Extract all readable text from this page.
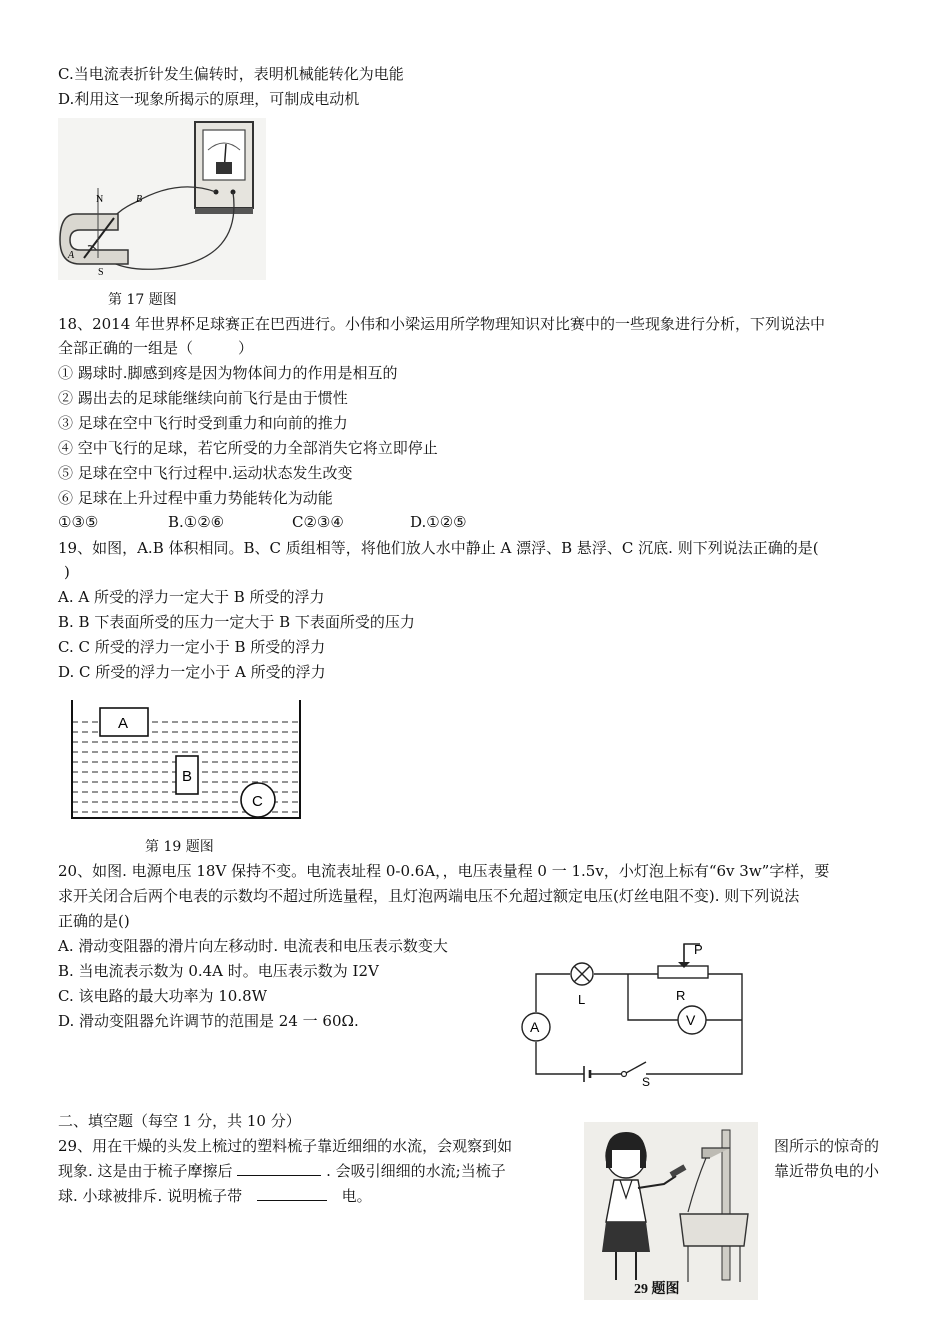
C.当电流表折针发生偏转时，表明机械能转化为电能
D.利用这一现象所揭示的原理，可制成电动机
N	B
A
S
第 17 题图
18、2014 年世界杯足球赛正在巴西进行。小伟和小梁运用所学物理知识对比赛中的一些现象进行分析，下列说法中
全部正确的一组是（　　　）
① 踢球时.脚感到疼是因为物体间力的作用是相互的
② 踢出去的足球能继续向前飞行是由于惯性
③ 足球在空中飞行时受到重力和向前的推力
④ 空中飞行的足球，若它所受的力全部消失它将立即停止
⑤ 足球在空中飞行过程中.运动状态发生改变
⑥ 足球在上升过程中重力势能转化为动能
①③⑤	B.①②⑥	C②③④	D.①②⑤
19、如图，A.B 体积相同。B、C 质组相等，将他们放人水中静止 A 漂浮、B 悬浮、C 沉底. 则下列说法正确的是(
)
A. A 所受的浮力一定大于 B 所受的浮力
B. B 下表面所受的压力一定大于 B 下表面所受的压力
C. C 所受的浮力一定小于 B 所受的浮力
D. C 所受的浮力一定小于 A 所受的浮力
A
B
C
第 19 题图
20、如图. 电源电压 18V 保持不变。电流表址程 0-0.6A，，电压表量程 0 一 1.5v，小灯泡上标有“6v 3w”字样，要
求开关闭合后两个电表的示数均不超过所选量程，且灯泡两端电压不允超过额定电压(灯丝电阻不变). 则下列说法
正确的是()
A. 滑动变阻器的滑片向左移动时. 电流表和电压表示数变大
B. 当电流表示数为 0.4A 时。电压表示数为 I2V
C. 该电路的最大功率为 10.8W
D. 滑动变阻器允许调节的范围是 24 一 60Ω.
P
R
L
A	V
S
二、填空题（每空 1 分，共 10 分）
29、用在干燥的头发上梳过的塑料梳子靠近细细的水流，会观察到如	图所示的惊奇的
现象. 这是由于梳子摩擦后	. 会吸引细细的水流;当梳子	靠近带负电的小
球. 小球被排斥. 说明梳子带	电。
29 题图
